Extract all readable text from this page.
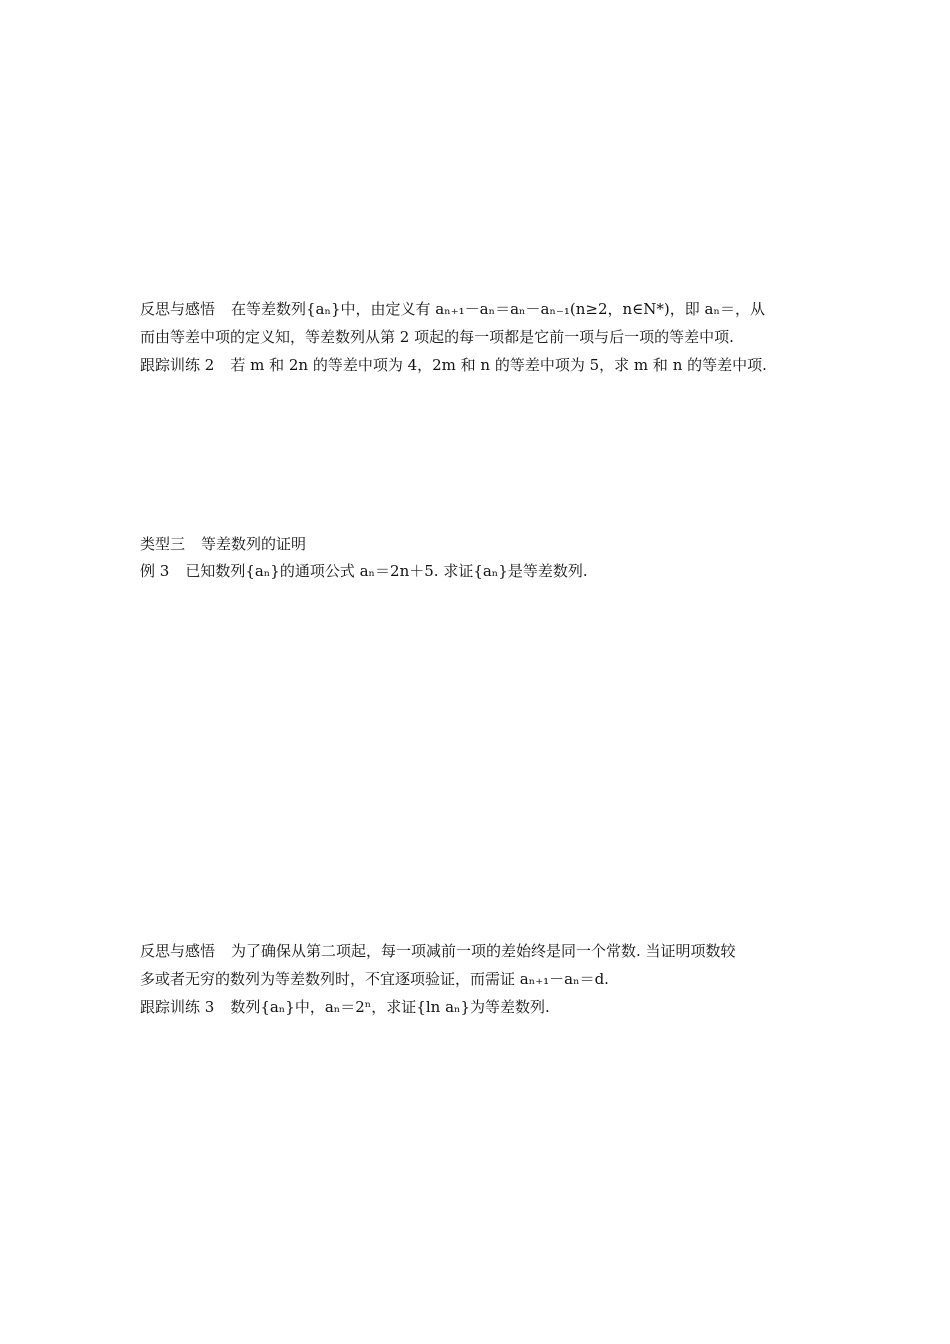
反思与感悟 在等差数列{aₙ}中，由定义有 aₙ₊₁－aₙ＝aₙ－aₙ₋₁(n≥2，n∈N*)，即 aₙ＝，从
而由等差中项的定义知，等差数列从第 2 项起的每一项都是它前一项与后一项的等差中项.
跟踪训练 2 若 m 和 2n 的等差中项为 4，2m 和 n 的等差中项为 5，求 m 和 n 的等差中项.
类型三 等差数列的证明
例 3 已知数列{aₙ}的通项公式 aₙ＝2n＋5. 求证{aₙ}是等差数列.
反思与感悟 为了确保从第二项起，每一项减前一项的差始终是同一个常数. 当证明项数较
多或者无穷的数列为等差数列时，不宜逐项验证，而需证 aₙ₊₁－aₙ＝d.
跟踪训练 3 数列{aₙ}中，aₙ＝2ⁿ，求证{ln aₙ}为等差数列.
